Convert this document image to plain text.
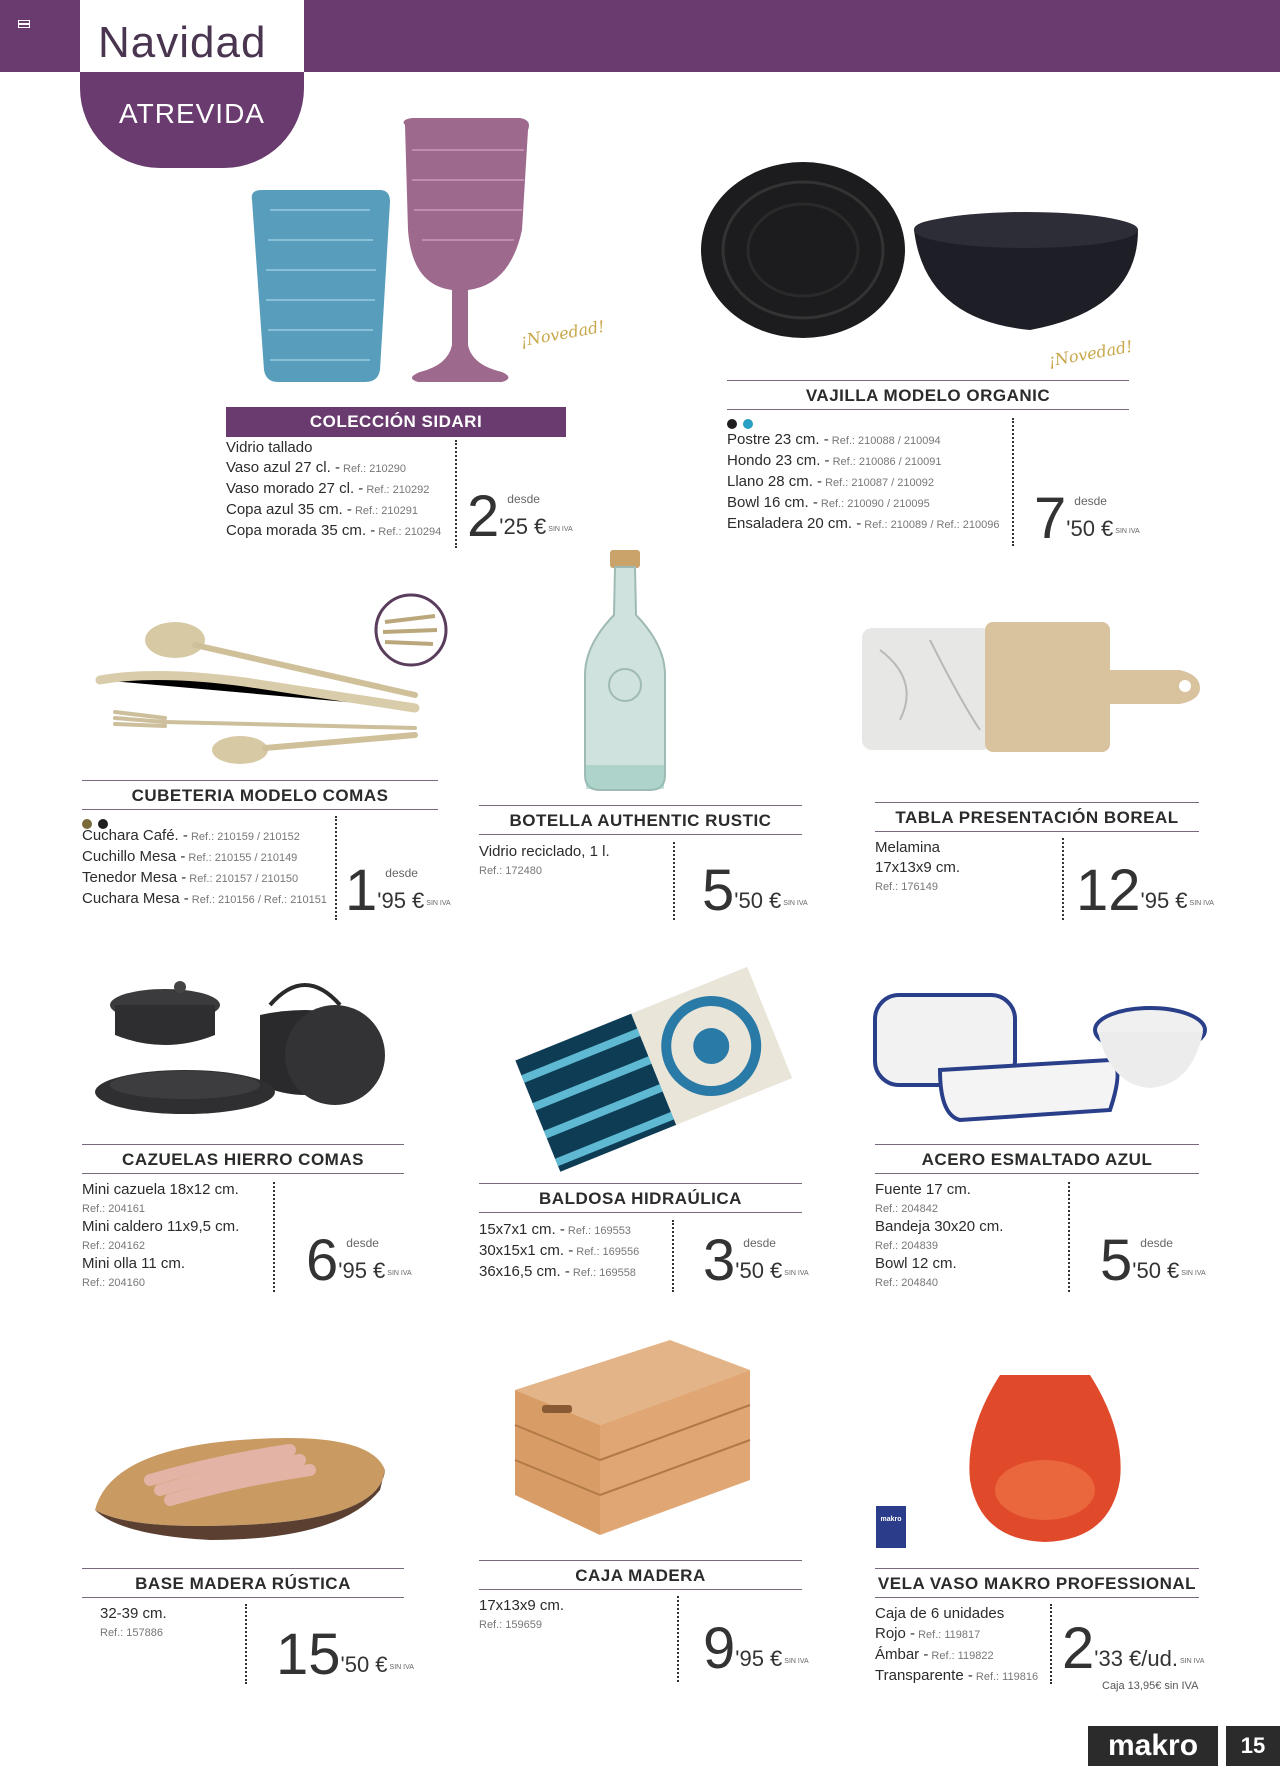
Navidad
ATREVIDA
¡Novedad!
¡Novedad!
makro
COLECCIÓN SIDARI
Vidrio tallado
Vaso azul 27 cl. - Ref.: 210290
Vaso morado 27 cl. - Ref.: 210292
Copa azul 35 cm. - Ref.: 210291
Copa morada 35 cm. - Ref.: 210294 2 desde
'25 € SIN IVA
VAJILLA MODELO ORGANIC
Postre 23 cm. - Ref.: 210088 / 210094
Hondo 23 cm. - Ref.: 210086 / 210091
Llano 28 cm. - Ref.: 210087 / 210092
Bowl 16 cm. - Ref.: 210090 / 210095
Ensaladera 20 cm. - Ref.: 210089 / Ref.: 210096 7 desde
'50 € SIN IVA
CUBETERIA MODELO COMAS
Cuchara Café. - Ref.: 210159 / 210152
Cuchillo Mesa - Ref.: 210155 / 210149
Tenedor Mesa - Ref.: 210157 / 210150
Cuchara Mesa - Ref.: 210156 / Ref.: 210151 1 desde
'95 € SIN IVA
BOTELLA AUTHENTIC RUSTIC
Vidrio reciclado, 1 l.
Ref.: 172480	5'50 € SIN IVA
TABLA PRESENTACIÓN BOREAL
Melamina
17x13x9 cm.
Ref.: 176149	12'95 € SIN IVA
CAZUELAS HIERRO COMAS
Mini cazuela 18x12 cm.
Ref.: 204161
Mini caldero 11x9,5 cm.
Ref.: 204162
Mini olla 11 cm.
Ref.: 204160	6 desde
'95 € SIN IVA
BALDOSA HIDRAÚLICA
15x7x1 cm. - Ref.: 169553
30x15x1 cm. - Ref.: 169556
36x16,5 cm. - Ref.: 169558 3 desde
'50 € SIN IVA
ACERO ESMALTADO AZUL
Fuente 17 cm.
Ref.: 204842
Bandeja 30x20 cm.
Ref.: 204839
Bowl 12 cm.
Ref.: 204840	5 desde
'50 € SIN IVA
BASE MADERA RÚSTICA
32-39 cm.
Ref.: 157886 15'50 € SIN IVA
CAJA MADERA
17x13x9 cm.
Ref.: 159659	9'95 € SIN IVA
VELA VASO MAKRO PROFESSIONAL
Caja de 6 unidades
Rojo - Ref.: 119817
Ámbar - Ref.: 119822
Transparente - Ref.: 119816 2'33 €/ud. SIN IVA
Caja 13,95€ sin IVA
makro	15
